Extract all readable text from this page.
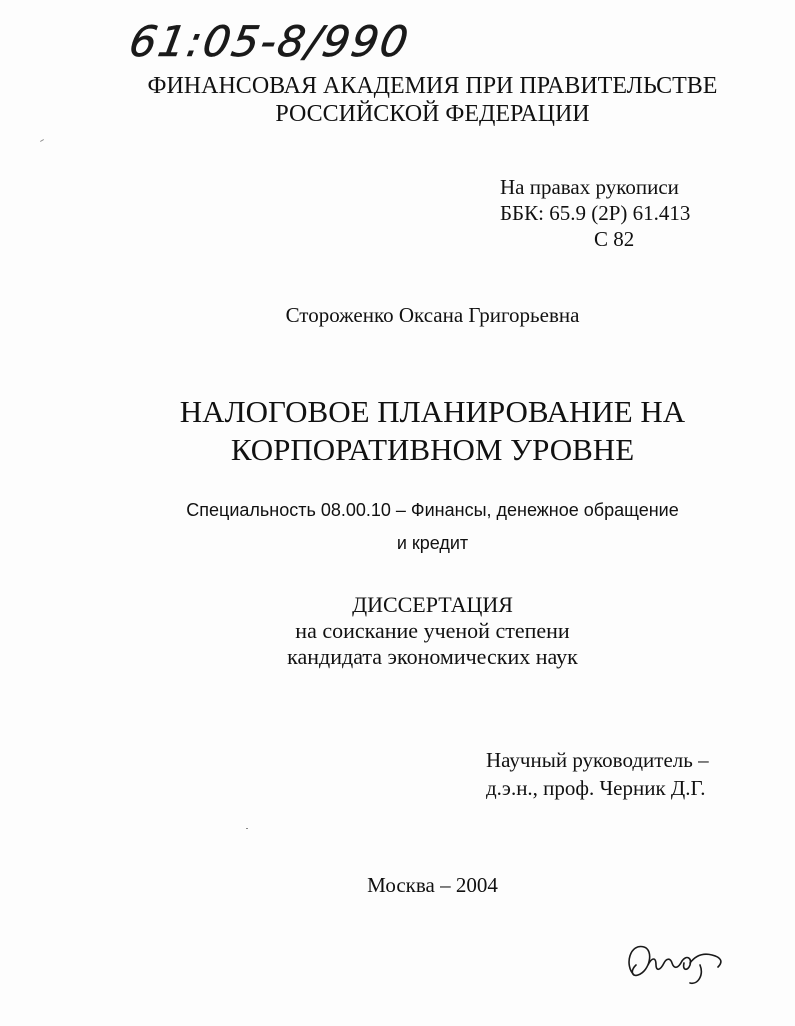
61:05-8/990
ФИНАНСОВАЯ АКАДЕМИЯ ПРИ ПРАВИТЕЛЬСТВЕ
РОССИЙСКОЙ ФЕДЕРАЦИИ
На правах рукописи
ББК: 65.9 (2Р) 61.413
С 82
Стороженко Оксана Григорьевна
НАЛОГОВОЕ ПЛАНИРОВАНИЕ НА
КОРПОРАТИВНОМ УРОВНЕ
Специальность 08.00.10 – Финансы, денежное обращение
и кредит
ДИССЕРТАЦИЯ
на соискание ученой степени
кандидата экономических наук
Научный руководитель –
д.э.н., проф. Черник Д.Г.
Москва – 2004
